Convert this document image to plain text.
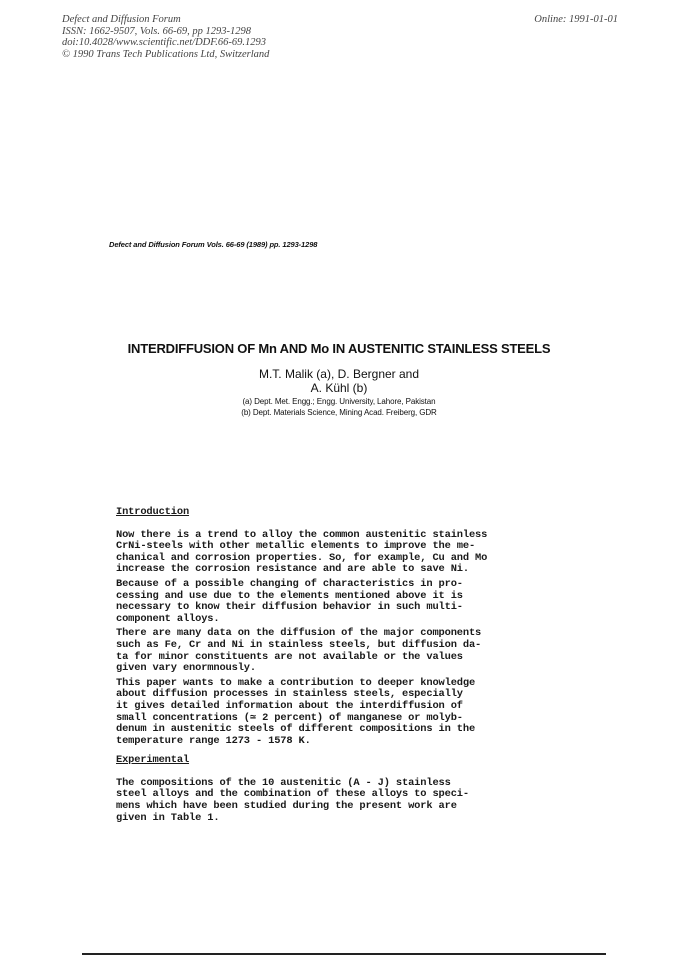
Defect and Diffusion Forum
ISSN: 1662-9507, Vols. 66-69, pp 1293-1298
doi:10.4028/www.scientific.net/DDF.66-69.1293
© 1990 Trans Tech Publications Ltd, Switzerland
Online: 1991-01-01
Defect and Diffusion Forum Vols. 66-69 (1989) pp. 1293-1298
INTERDIFFUSION OF Mn AND Mo IN AUSTENITIC STAINLESS STEELS
M.T. Malik (a), D. Bergner and
A. Kühl (b)
(a) Dept. Met. Engg.; Engg. University, Lahore, Pakistan
(b) Dept. Materials Science, Mining Acad. Freiberg, GDR
Introduction
Now there is a trend to alloy the common austenitic stainless
CrNi-steels with other metallic elements to improve the me-
chanical and corrosion properties. So, for example, Cu and Mo
increase the corrosion resistance and are able to save Ni.
Because of a possible changing of characteristics in pro-
cessing and use due to the elements mentioned above it is
necessary to know their diffusion behavior in such multi-
component alloys.
There are many data on the diffusion of the major components
such as Fe, Cr and Ni in stainless steels, but diffusion da-
ta for minor constituents are not available or the values
given vary enormnously.
This paper wants to make a contribution to deeper knowledge
about diffusion processes in stainless steels, especially
it gives detailed information about the interdiffusion of
small concentrations (≃ 2 percent) of manganese or molyb-
denum in austenitic steels of different compositions in the
temperature range 1273 - 1578 K.
Experimental
The compositions of the 10 austenitic (A - J) stainless
steel alloys and the combination of these alloys to speci-
mens which have been studied during the present work are
given in Table 1.
